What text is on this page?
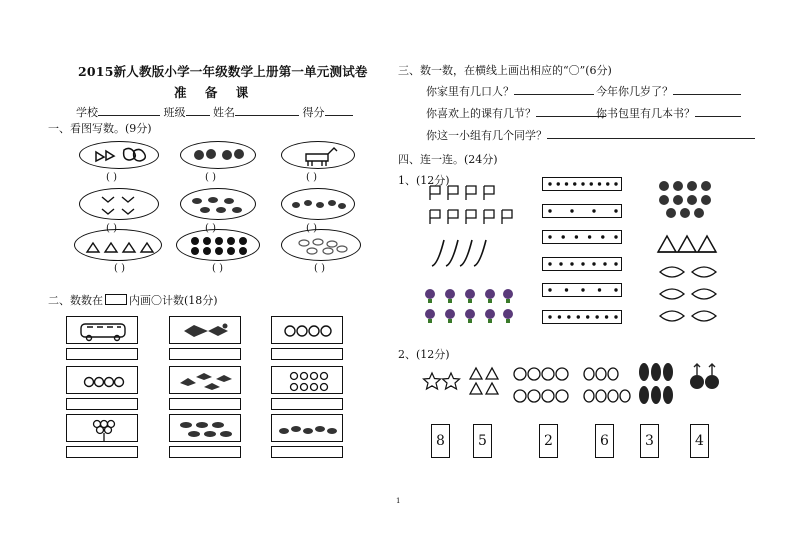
2015新人教版小学一年级数学上册第一单元测试卷
准 备 课
学校	班级	姓名	得分
一、看图写数。(9分)
( )	( )	( )
( )	( )	( )
( )	( )	( )
二、数数在 内画〇计数(18分)
三、数一数，在横线上画出相应的“〇”(6分)
你家里有几口人？	今年你几岁了？
你喜欢上的课有几节？	你书包里有几本书？
你这一小组有几个同学？
四、连一连。(24分)
1、(12分)
2、(12分)
8	5	2	6	3	4
1
